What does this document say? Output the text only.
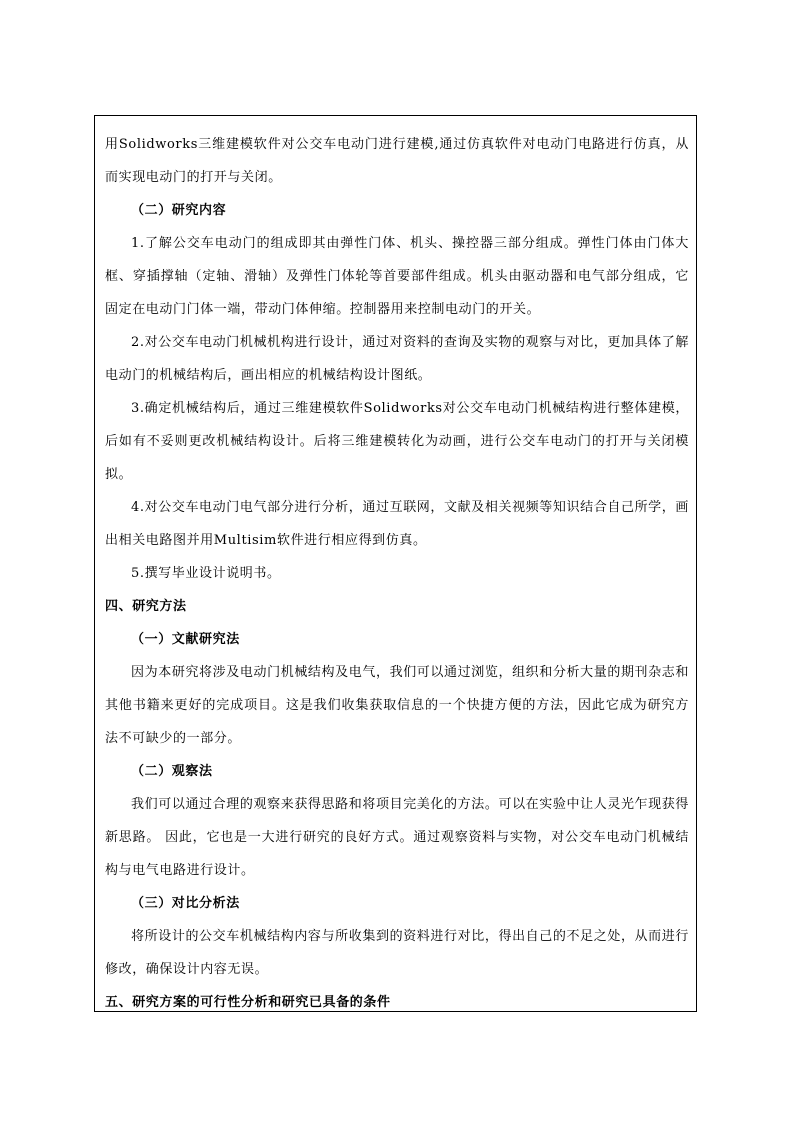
用Solidworks三维建模软件对公交车电动门进行建模,通过仿真软件对电动门电路进行仿真，从而实现电动门的打开与关闭。

（二）研究内容

1.了解公交车电动门的组成即其由弹性门体、机头、操控器三部分组成。弹性门体由门体大框、穿插撑轴（定轴、滑轴）及弹性门体轮等首要部件组成。机头由驱动器和电气部分组成，它固定在电动门门体一端，带动门体伸缩。控制器用来控制电动门的开关。

2.对公交车电动门机械机构进行设计，通过对资料的查询及实物的观察与对比，更加具体了解电动门的机械结构后，画出相应的机械结构设计图纸。

3.确定机械结构后，通过三维建模软件Solidworks对公交车电动门机械结构进行整体建模，后如有不妥则更改机械结构设计。后将三维建模转化为动画，进行公交车电动门的打开与关闭模拟。

4.对公交车电动门电气部分进行分析，通过互联网，文献及相关视频等知识结合自己所学，画出相关电路图并用Multisim软件进行相应得到仿真。

5.撰写毕业设计说明书。

四、研究方法

（一）文献研究法

因为本研究将涉及电动门机械结构及电气，我们可以通过浏览，组织和分析大量的期刊杂志和其他书籍来更好的完成项目。这是我们收集获取信息的一个快捷方便的方法，因此它成为研究方法不可缺少的一部分。

（二）观察法

我们可以通过合理的观察来获得思路和将项目完美化的方法。可以在实验中让人灵光乍现获得新思路。 因此，它也是一大进行研究的良好方式。通过观察资料与实物，对公交车电动门机械结构与电气电路进行设计。

（三）对比分析法

将所设计的公交车机械结构内容与所收集到的资料进行对比，得出自己的不足之处，从而进行修改，确保设计内容无误。

五、研究方案的可行性分析和研究已具备的条件
